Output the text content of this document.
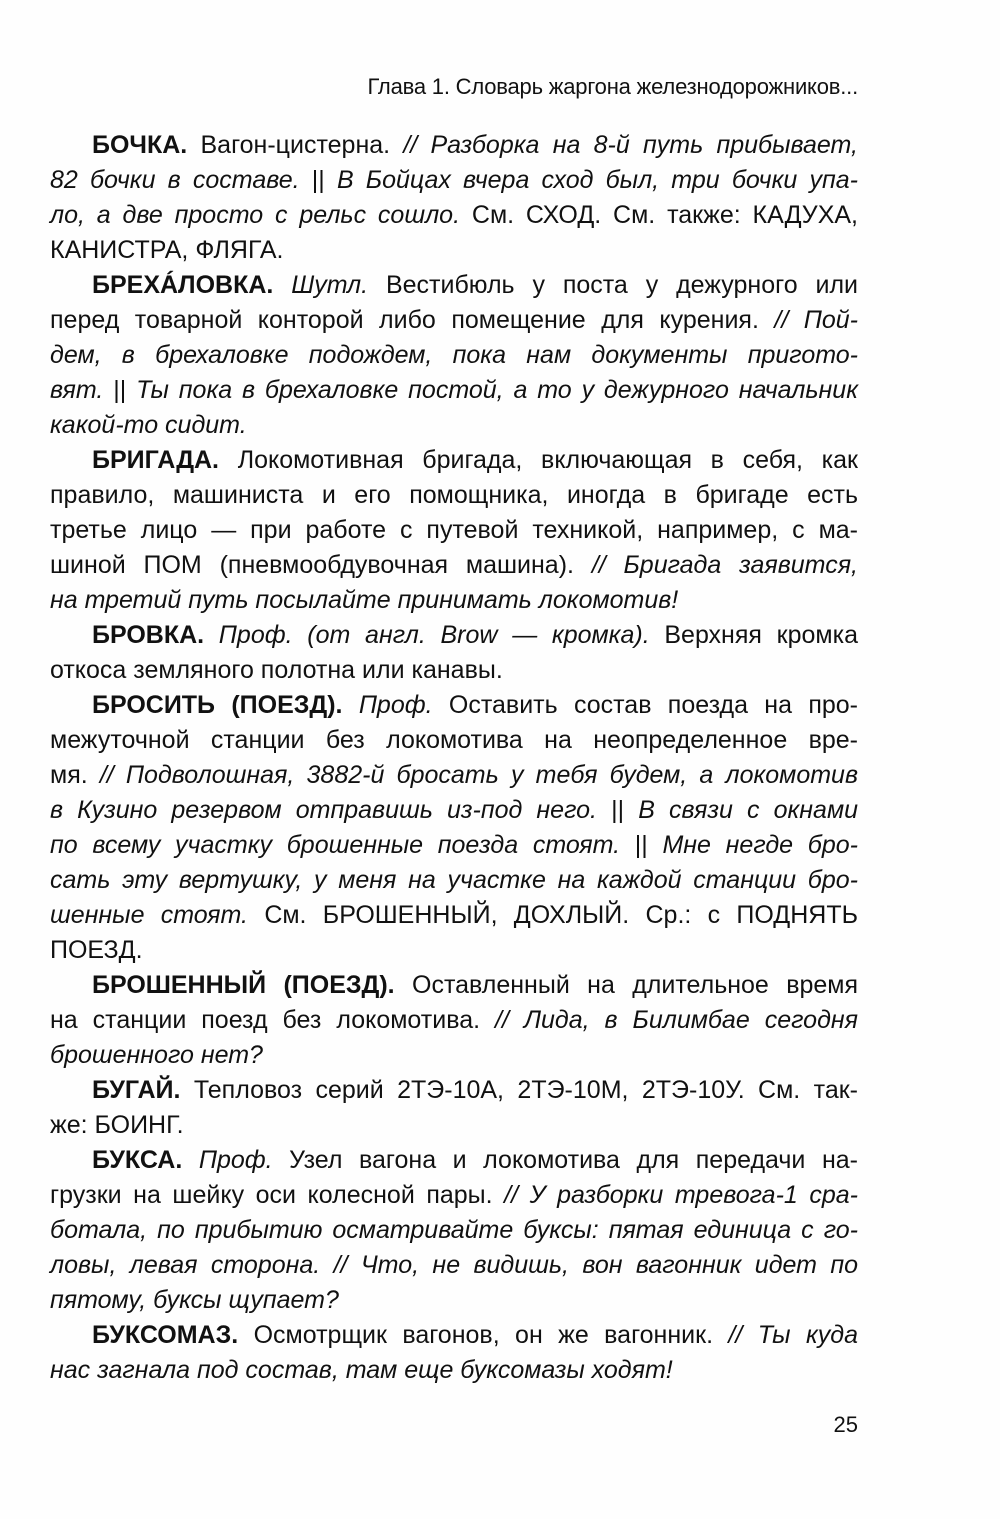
Глава 1. Словарь жаргона железнодорожников...
БОЧКА. Вагон-цистерна. // Разборка на 8-й путь прибывает,
82 бочки в составе. || В Бойцах вчера сход был, три бочки упа-
ло, а две просто с рельс сошло. См. СХОД. См. также: КАДУХА,
КАНИСТРА, ФЛЯГА.
БРЕХÁЛОВКА. Шутл. Вестибюль у поста у дежурного или
перед товарной конторой либо помещение для курения. // Пой-
дем, в брехаловке подождем, пока нам документы пригото-
вят. || Ты пока в брехаловке постой, а то у дежурного начальник
какой-то сидит.
БРИГАДА. Локомотивная бригада, включающая в себя, как
правило, машиниста и его помощника, иногда в бригаде есть
третье лицо — при работе с путевой техникой, например, с ма-
шиной ПОМ (пневмообдувочная машина). // Бригада заявится,
на третий путь посылайте принимать локомотив!
БРОВКА. Проф. (от англ. Brow — кромка). Верхняя кромка
откоса земляного полотна или канавы.
БРОСИТЬ (ПОЕЗД). Проф. Оставить состав поезда на про-
межуточной станции без локомотива на неопределенное вре-
мя. // Подволошная, 3882-й бросать у тебя будем, а локомотив
в Кузино резервом отправишь из-под него. || В связи с окнами
по всему участку брошенные поезда стоят. || Мне негде бро-
сать эту вертушку, у меня на участке на каждой станции бро-
шенные стоят. См. БРОШЕННЫЙ, ДОХЛЫЙ. Ср.: с ПОДНЯТЬ
ПОЕЗД.
БРОШЕННЫЙ (ПОЕЗД). Оставленный на длительное время
на станции поезд без локомотива. // Лида, в Билимбае сегодня
брошенного нет?
БУГАЙ. Тепловоз серий 2ТЭ-10А, 2ТЭ-10М, 2ТЭ-10У. См. так-
же: БОИНГ.
БУКСА. Проф. Узел вагона и локомотива для передачи на-
грузки на шейку оси колесной пары. // У разборки тревога-1 сра-
ботала, по прибытию осматривайте буксы: пятая единица с го-
ловы, левая сторона. // Что, не видишь, вон вагонник идет по
пятому, буксы щупает?
БУКСОМАЗ. Осмотрщик вагонов, он же вагонник. // Ты куда
нас загнала под состав, там еще буксомазы ходят!
25
